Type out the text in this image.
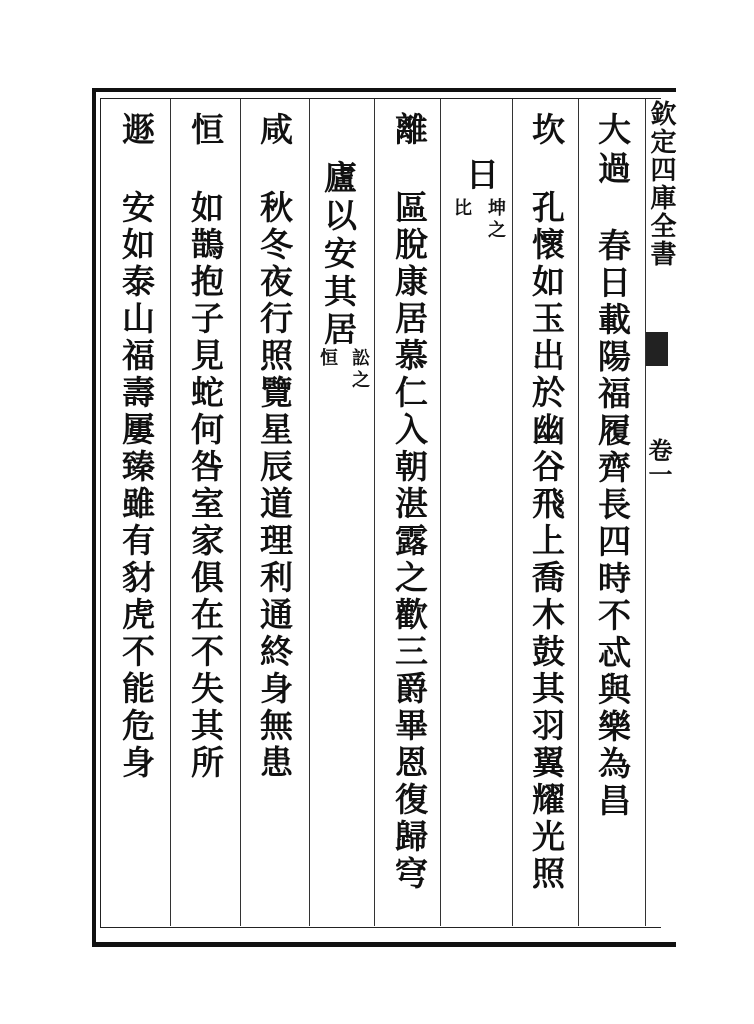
欽定四庫全書
卷一
大過
春日載陽福履齊長四時不忒與樂為昌
坎
孔懷如玉出於幽谷飛上喬木鼓其羽翼耀光照
日
坤之
比
離
區脫康居慕仁入朝湛露之歡三爵畢恩復歸穹
廬以安其居
訟之
恒
咸
秋冬夜行照覽星辰道理利通終身無患
恒
如鵲抱子見蛇何咎室家俱在不失其所
遯
安如泰山福壽屢臻雖有豺虎不能危身
